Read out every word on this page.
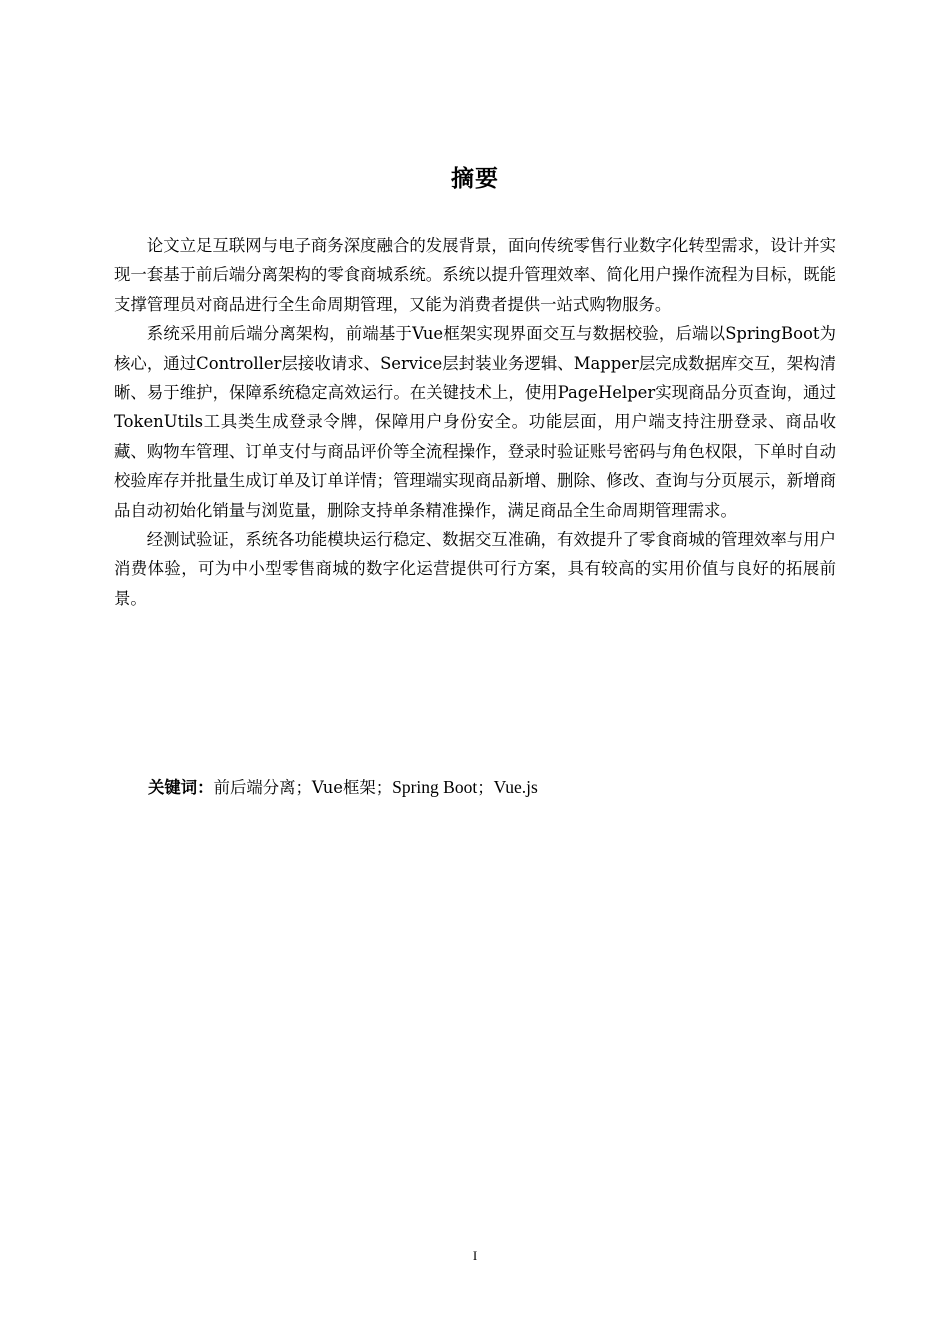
摘要

论文立足互联网与电子商务深度融合的发展背景，面向传统零售行业数字化转型需求，设计并实现一套基于前后端分离架构的零食商城系统。系统以提升管理效率、简化用户操作流程为目标，既能支撑管理员对商品进行全生命周期管理，又能为消费者提供一站式购物服务。

系统采用前后端分离架构，前端基于Vue框架实现界面交互与数据校验，后端以SpringBoot为核心，通过Controller层接收请求、Service层封装业务逻辑、Mapper层完成数据库交互，架构清晰、易于维护，保障系统稳定高效运行。在关键技术上，使用PageHelper实现商品分页查询，通过TokenUtils工具类生成登录令牌，保障用户身份安全。功能层面，用户端支持注册登录、商品收藏、购物车管理、订单支付与商品评价等全流程操作，登录时验证账号密码与角色权限，下单时自动校验库存并批量生成订单及订单详情；管理端实现商品新增、删除、修改、查询与分页展示，新增商品自动初始化销量与浏览量，删除支持单条精准操作，满足商品全生命周期管理需求。

经测试验证，系统各功能模块运行稳定、数据交互准确，有效提升了零食商城的管理效率与用户消费体验，可为中小型零售商城的数字化运营提供可行方案，具有较高的实用价值与良好的拓展前景。

关键词：前后端分离；Vue框架；Spring Boot；Vue.js
I
